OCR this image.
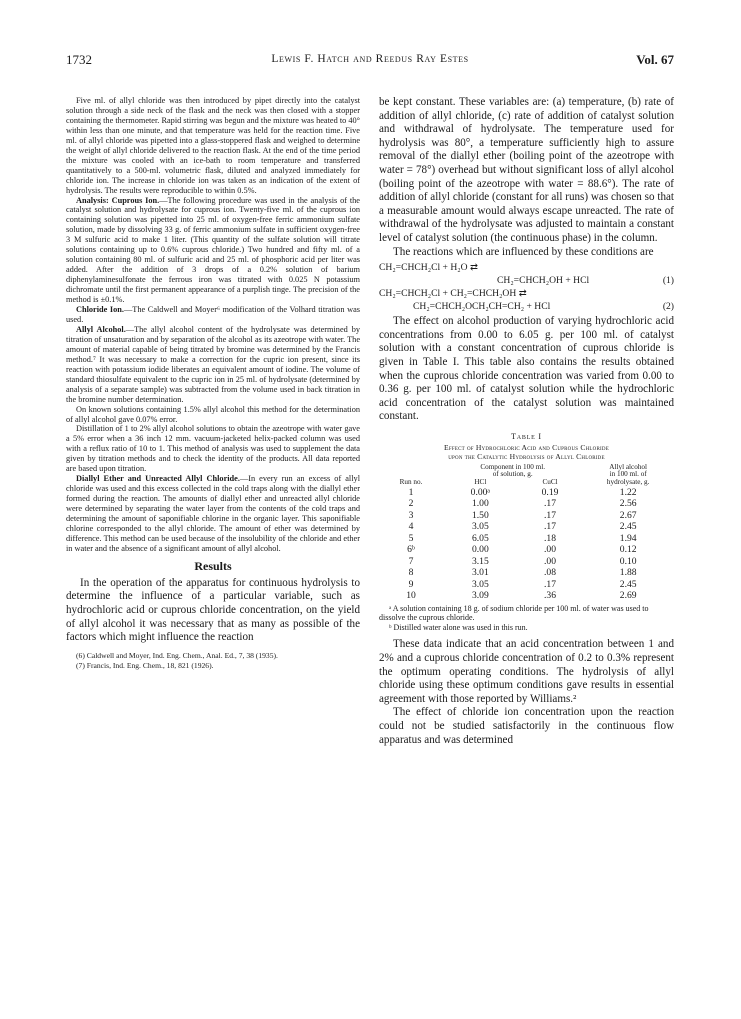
1732	Lewis F. Hatch and Reedus Ray Estes	Vol. 67

Five ml. of allyl chloride was then introduced by pipet directly into the catalyst solution through a side neck of the flask and the neck was then closed with a stopper containing the thermometer. Rapid stirring was begun and the mixture was heated to 40° within less than one minute, and that temperature was held for the reaction time. Five ml. of allyl chloride was pipetted into a glass-stoppered flask and weighed to determine the weight of allyl chloride delivered to the reaction flask. At the end of the time period the mixture was cooled with an ice-bath to room temperature and transferred quantitatively to a 500-ml. volumetric flask, diluted and analyzed immediately for chloride ion. The increase in chloride ion was taken as an indication of the extent of hydrolysis. The results were reproducible to within 0.5%.

Analysis: Cuprous Ion.—The following procedure was used in the analysis of the catalyst solution and hydrolysate for cuprous ion. Twenty-five ml. of the cuprous ion containing solution was pipetted into 25 ml. of oxygen-free ferric ammonium sulfate solution, made by dissolving 33 g. of ferric ammonium sulfate in sufficient oxygen-free 3 M sulfuric acid to make 1 liter. (This quantity of the sulfate solution will titrate solutions containing up to 0.6% cuprous chloride.) Two hundred and fifty ml. of a solution containing 80 ml. of sulfuric acid and 25 ml. of phosphoric acid per liter was added. After the addition of 3 drops of a 0.2% solution of barium diphenylaminesulfonate the ferrous iron was titrated with 0.025 N potassium dichromate until the first permanent appearance of a purplish tinge. The precision of the method is ±0.1%.

Chloride Ion.—The Caldwell and Moyer⁶ modification of the Volhard titration was used.

Allyl Alcohol.—The allyl alcohol content of the hydrolysate was determined by titration of unsaturation and by separation of the alcohol as its azeotrope with water. The amount of material capable of being titrated by bromine was determined by the Francis method.⁷ It was necessary to make a correction for the cupric ion present, since its reaction with potassium iodide liberates an equivalent amount of iodine. The volume of standard thiosulfate equivalent to the cupric ion in 25 ml. of hydrolysate (determined by analysis of a separate sample) was subtracted from the volume used in back titration in the bromine number determination.

On known solutions containing 1.5% allyl alcohol this method for the determination of allyl alcohol gave 0.07% error.

Distillation of 1 to 2% allyl alcohol solutions to obtain the azeotrope with water gave a 5% error when a 36 inch 12 mm. vacuum-jacketed helix-packed column was used with a reflux ratio of 10 to 1. This method of analysis was used to supplement the data given by titration methods and to check the identity of the products. All data reported are based upon titration.

Diallyl Ether and Unreacted Allyl Chloride.—In every run an excess of allyl chloride was used and this excess collected in the cold traps along with the diallyl ether formed during the reaction. The amounts of diallyl ether and unreacted allyl chloride were determined by separating the water layer from the contents of the cold traps and determining the amount of saponifiable chlorine in the organic layer. This saponifiable chlorine corresponded to the allyl chloride. The amount of ether was determined by difference. This method can be used because of the insolubility of the chloride and ether in water and the absence of a significant amount of allyl alcohol.

Results

In the operation of the apparatus for continuous hydrolysis to determine the influence of a particular variable, such as hydrochloric acid or cuprous chloride concentration, on the yield of allyl alcohol it was necessary that as many as possible of the factors which might influence the reaction

(6) Caldwell and Moyer, Ind. Eng. Chem., Anal. Ed., 7, 38 (1935).
(7) Francis, Ind. Eng. Chem., 18, 821 (1926).

be kept constant. These variables are: (a) temperature, (b) rate of addition of allyl chloride, (c) rate of addition of catalyst solution and withdrawal of hydrolysate. The temperature used for hydrolysis was 80°, a temperature sufficiently high to assure removal of the diallyl ether (boiling point of the azeotrope with water = 78°) overhead but without significant loss of allyl alcohol (boiling point of the azeotrope with water = 88.6°). The rate of addition of allyl chloride (constant for all runs) was chosen so that a measurable amount would always escape unreacted. The rate of withdrawal of the hydrolysate was adjusted to maintain a constant level of catalyst solution (the continuous phase) in the column.

The reactions which are influenced by these conditions are

CH₂=CHCH₂Cl + H₂O ⇄
CH₂=CHCH₂OH + HCl	(1)
CH₂=CHCH₂Cl + CH₂=CHCH₂OH ⇄
CH₂=CHCH₂OCH₂CH=CH₂ + HCl	(2)

The effect on alcohol production of varying hydrochloric acid concentrations from 0.00 to 6.05 g. per 100 ml. of catalyst solution with a constant concentration of cuprous chloride is given in Table I. This table also contains the results obtained when the cuprous chloride concentration was varied from 0.00 to 0.36 g. per 100 ml. of catalyst solution while the hydrochloric acid concentration of the catalyst solution was maintained constant.

Table I
Effect of Hydrochloric Acid and Cuprous Chloride
upon the Catalytic Hydrolysis of Allyl Chloride
	Component in 100 ml.
of solution, g.		Allyl alcohol
in 100 ml. of
Run no.	HCl	CuCl	hydrolysate, g.
1	0.00ᵃ	0.19	1.22
2	1.00	.17	2.56
3	1.50	.17	2.67
4	3.05	.17	2.45
5	6.05	.18	1.94
6ᵇ	0.00	.00	0.12
7	3.15	.00	0.10
8	3.01	.08	1.88
9	3.05	.17	2.45
10	3.09	.36	2.69
ᵃ A solution containing 18 g. of sodium chloride per 100 ml. of water was used to dissolve the cuprous chloride.
ᵇ Distilled water alone was used in this run.

These data indicate that an acid concentration between 1 and 2% and a cuprous chloride concentration of 0.2 to 0.3% represent the optimum operating conditions. The hydrolysis of allyl chloride using these optimum conditions gave results in essential agreement with those reported by Williams.²

The effect of chloride ion concentration upon the reaction could not be studied satisfactorily in the continuous flow apparatus and was determined
